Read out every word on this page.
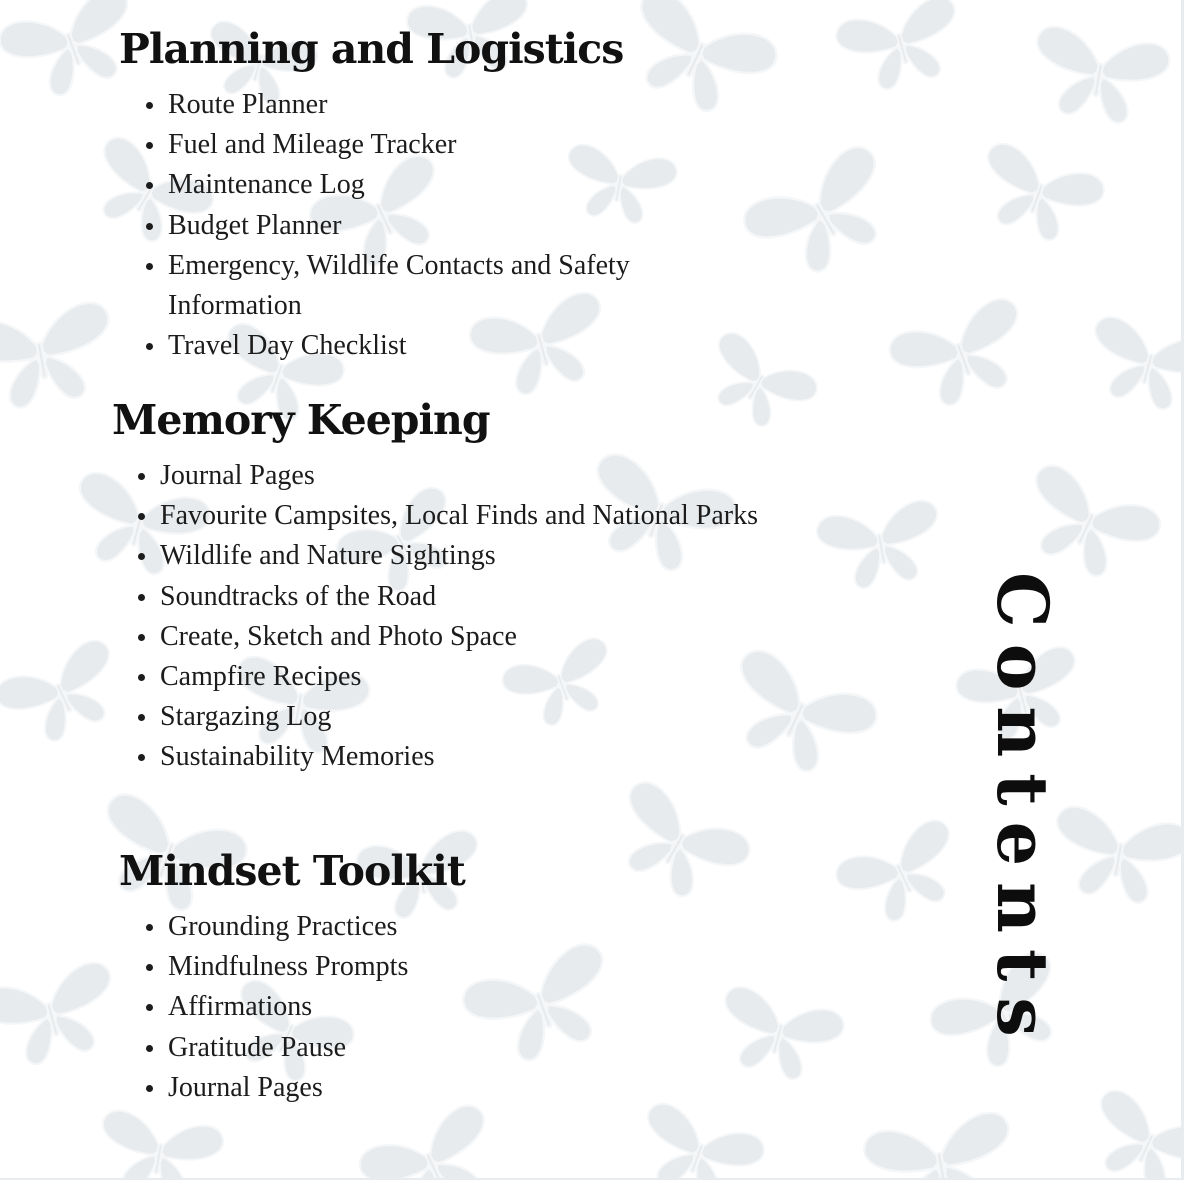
Planning and Logistics
Route Planner
Fuel and Mileage Tracker
Maintenance Log
Budget Planner
Emergency, Wildlife Contacts and Safety Information
Travel Day Checklist
Memory Keeping
Journal Pages
Favourite Campsites, Local Finds and National Parks
Wildlife and Nature Sightings
Soundtracks of the Road
Create, Sketch and Photo Space
Campfire Recipes
Stargazing Log
Sustainability Memories
Mindset Toolkit
Grounding Practices
Mindfulness Prompts
Affirmations
Gratitude Pause
Journal Pages
Contents
